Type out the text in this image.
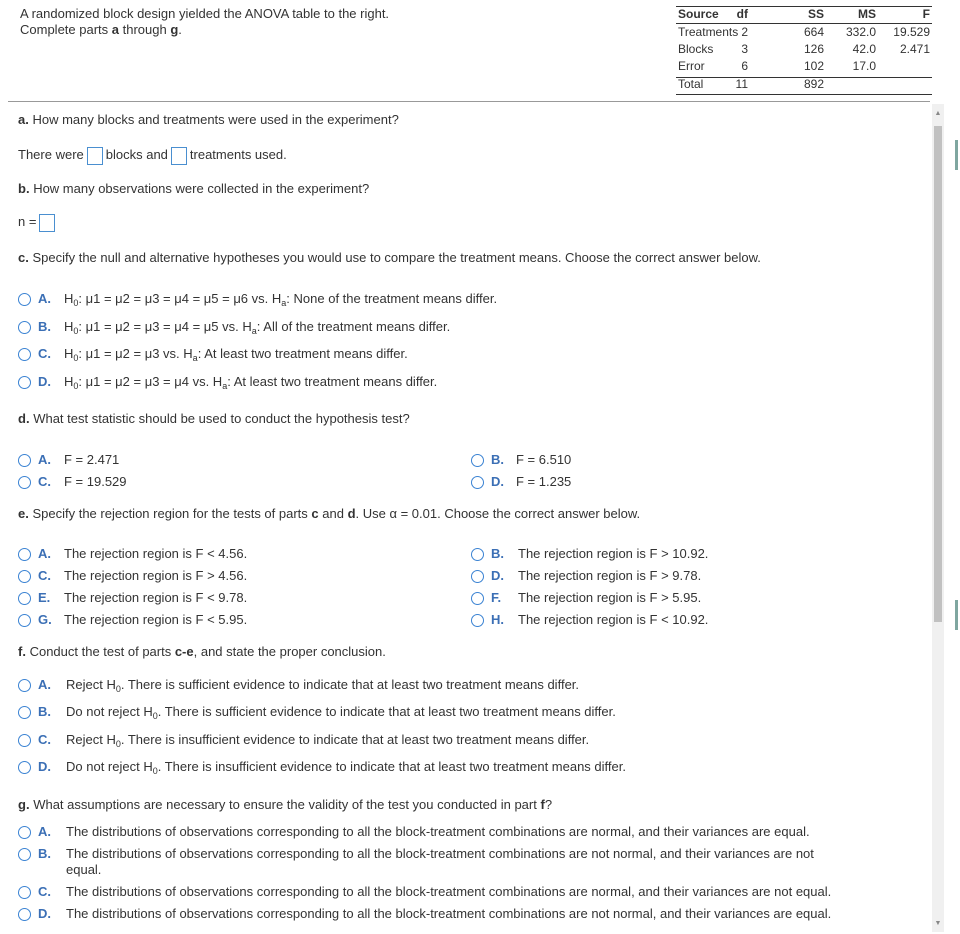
A randomized block design yielded the ANOVA table to the right.
Complete parts a through g.
Source df	SS	MS	F
Treatments 2	664 332.0 19.529
Blocks 3	126 42.0 2.471
Error	6	102 17.0
Total	11	892
▲
▼
a. How many blocks and treatments were used in the experiment?
There were blocks and treatments used.
b. How many observations were collected in the experiment?
n =
c. Specify the null and alternative hypotheses you would use to compare the treatment means. Choose the correct answer below.
A. $H_0$: μ1 = μ2 = μ3 = μ4 = μ5 = μ6 vs. $H_a$: None of the treatment means differ.
B. $H_0$: μ1 = μ2 = μ3 = μ4 = μ5 vs. $H_a$: All of the treatment means differ.
C. $H_0$: μ1 = μ2 = μ3 vs. $H_a$: At least two treatment means differ.
D. $H_0$: μ1 = μ2 = μ3 = μ4 vs. $H_a$: At least two treatment means differ.
d. What test statistic should be used to conduct the hypothesis test?
A. F = 2.471	B. F = 6.510
C. F = 19.529	D. F = 1.235
e. Specify the rejection region for the tests of parts c and d. Use α = 0.01. Choose the correct answer below.
A. The rejection region is F < 4.56.	B. The rejection region is F > 10.92.
C. The rejection region is F > 4.56.	D. The rejection region is F > 9.78.
E. The rejection region is F < 9.78.	F. The rejection region is F > 5.95.
G. The rejection region is F < 5.95.	H. The rejection region is F < 10.92.
f. Conduct the test of parts c-e, and state the proper conclusion.
A. Reject $H_0$. There is sufficient evidence to indicate that at least two treatment means differ.
B. Do not reject $H_0$. There is sufficient evidence to indicate that at least two treatment means differ.
C. Reject $H_0$. There is insufficient evidence to indicate that at least two treatment means differ.
D. Do not reject $H_0$. There is insufficient evidence to indicate that at least two treatment means differ.
g. What assumptions are necessary to ensure the validity of the test you conducted in part f?
A. The distributions of observations corresponding to all the block-treatment combinations are normal, and their variances are equal.
B. The distributions of observations corresponding to all the block-treatment combinations are not normal, and their variances are not
equal.
C. The distributions of observations corresponding to all the block-treatment combinations are normal, and their variances are not equal.
D. The distributions of observations corresponding to all the block-treatment combinations are not normal, and their variances are equal.
